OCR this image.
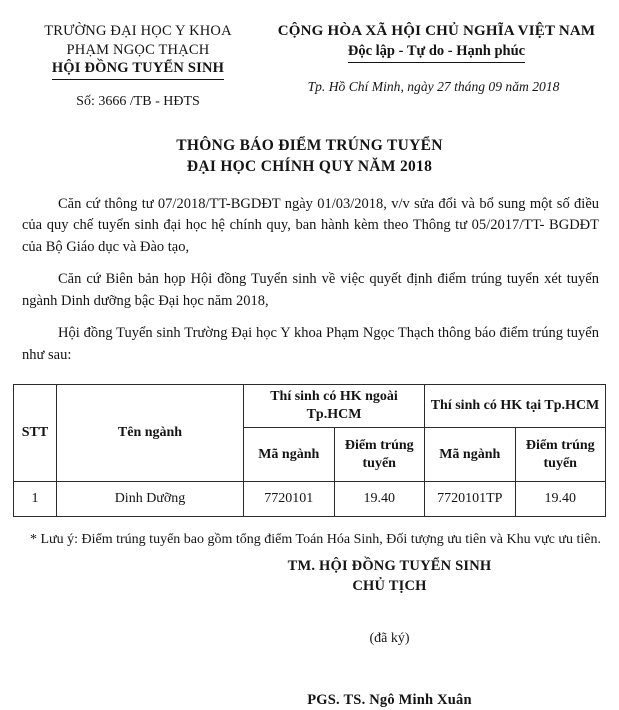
TRƯỜNG ĐẠI HỌC Y KHOA
PHẠM NGỌC THẠCH
HỘI ĐỒNG TUYỂN SINH
Số: 3666 /TB - HĐTS
CỘNG HÒA XÃ HỘI CHỦ NGHĨA VIỆT NAM
Độc lập - Tự do - Hạnh phúc
Tp. Hồ Chí Minh, ngày 27 tháng 09 năm 2018
THÔNG BÁO ĐIỂM TRÚNG TUYỂN
ĐẠI HỌC CHÍNH QUY NĂM 2018

Căn cứ thông tư 07/2018/TT-BGDĐT ngày 01/03/2018, v/v sửa đổi và bổ sung một số điều của quy chế tuyển sinh đại học hệ chính quy, ban hành kèm theo Thông tư 05/2017/TT- BGDĐT của Bộ Giáo dục và Đào tạo,

Căn cứ Biên bản họp Hội đồng Tuyển sinh về việc quyết định điểm trúng tuyển xét tuyển ngành Dinh dưỡng bậc Đại học năm 2018,

Hội đồng Tuyển sinh Trường Đại học Y khoa Phạm Ngọc Thạch thông báo điểm trúng tuyển như sau:

STT	Tên ngành	Thí sinh có HK ngoài Tp.HCM		Thí sinh có HK tại Tp.HCM	
		Mã ngành	Điểm trúng tuyển	Mã ngành	Điểm trúng tuyển
1	Dinh Dưỡng	7720101	19.40	7720101TP	19.40
* Lưu ý: Điểm trúng tuyển bao gồm tổng điểm Toán Hóa Sinh, Đối tượng ưu tiên và Khu vực ưu tiên.
TM. HỘI ĐỒNG TUYỂN SINH
CHỦ TỊCH
(đã ký)
PGS. TS. Ngô Minh Xuân
